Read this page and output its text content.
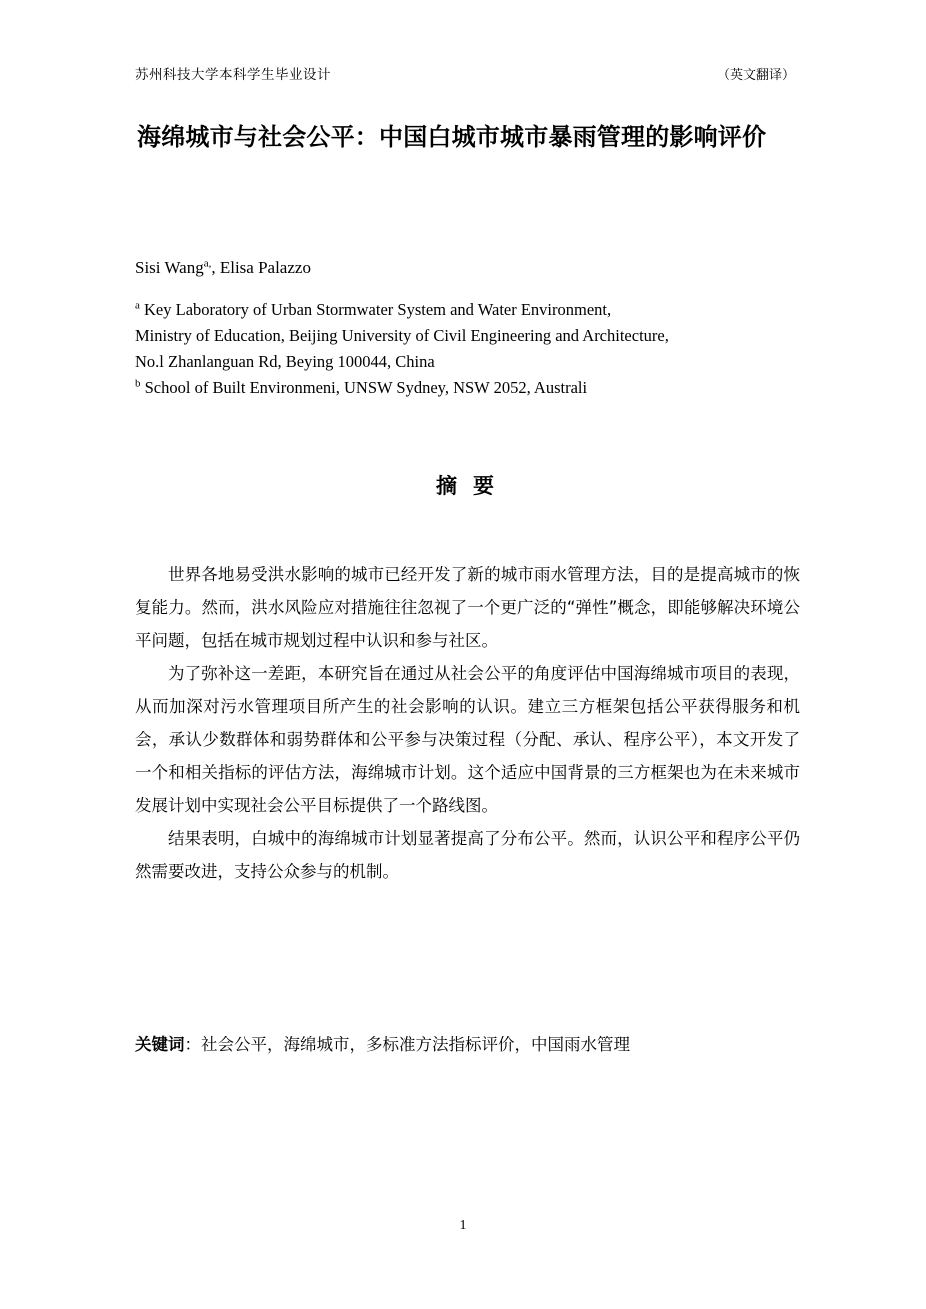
苏州科技大学本科学生毕业设计	（英文翻译）
海绵城市与社会公平：中国白城市城市暴雨管理的影响评价
Sisi Wang$^{a,}$, Elisa Palazzo
$^a$ Key Laboratory of Urban Stormwater System and Water Environment,
Ministry of Education, Beijing University of Civil Engineering and Architecture,
No.l Zhanlanguan Rd, Beying 100044, China
$^b$ School of Built Environmeni, UNSW Sydney, NSW 2052, Australi
摘要

世界各地易受洪水影响的城市已经开发了新的城市雨水管理方法，目的是提高城市的恢复能力。然而，洪水风险应对措施往往忽视了一个更广泛的“弹性”概念，即能够解决环境公平问题，包括在城市规划过程中认识和参与社区。

为了弥补这一差距，本研究旨在通过从社会公平的角度评估中国海绵城市项目的表现，从而加深对污水管理项目所产生的社会影响的认识。建立三方框架包括公平获得服务和机会，承认少数群体和弱势群体和公平参与决策过程（分配、承认、程序公平），本文开发了一个和相关指标的评估方法，海绵城市计划。这个适应中国背景的三方框架也为在未来城市发展计划中实现社会公平目标提供了一个路线图。

结果表明，白城中的海绵城市计划显著提高了分布公平。然而，认识公平和程序公平仍然需要改进，支持公众参与的机制。

关键词：社会公平，海绵城市，多标准方法指标评价，中国雨水管理
1
